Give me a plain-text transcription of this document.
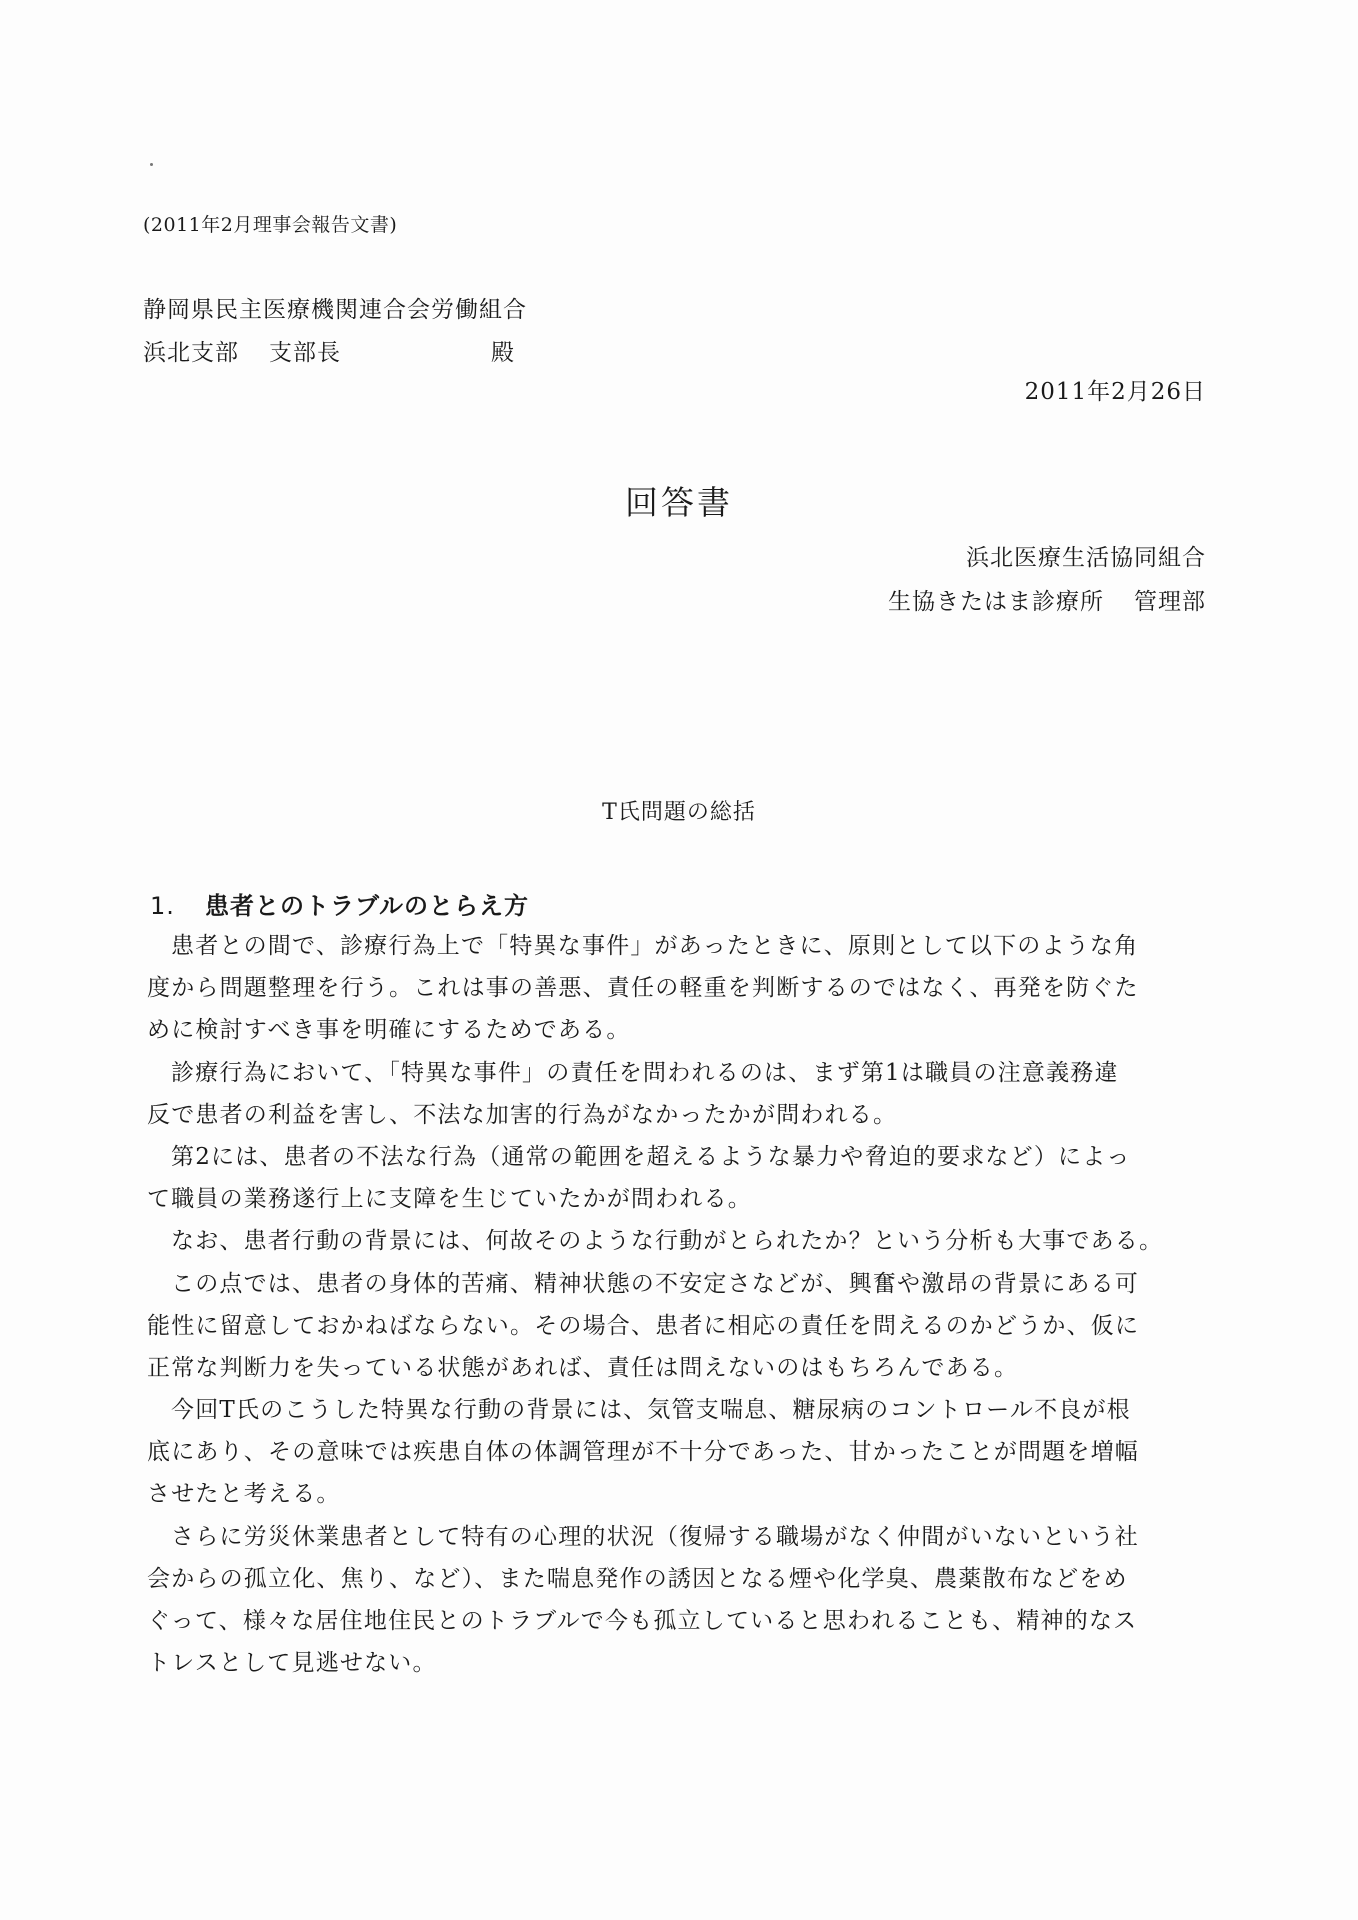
(2011年2月理事会報告文書)
静岡県民主医療機関連合会労働組合
浜北支部 支部長	殿
2011年2月26日
回答書
浜北医療生活協同組合
生協きたはま診療所 管理部
T氏問題の総括
1. 患者とのトラブルのとらえ方
患者との間で、診療行為上で「特異な事件」があったときに、原則として以下のような角
度から問題整理を行う。これは事の善悪、責任の軽重を判断するのではなく、再発を防ぐた
めに検討すべき事を明確にするためである。
診療行為において、「特異な事件」の責任を問われるのは、まず第1は職員の注意義務違
反で患者の利益を害し、不法な加害的行為がなかったかが問われる。
第2には、患者の不法な行為（通常の範囲を超えるような暴力や脅迫的要求など）によっ
て職員の業務遂行上に支障を生じていたかが問われる。
なお、患者行動の背景には、何故そのような行動がとられたか？という分析も大事である。
この点では、患者の身体的苦痛、精神状態の不安定さなどが、興奮や激昂の背景にある可
能性に留意しておかねばならない。その場合、患者に相応の責任を問えるのかどうか、仮に
正常な判断力を失っている状態があれば、責任は問えないのはもちろんである。
今回T氏のこうした特異な行動の背景には、気管支喘息、糖尿病のコントロール不良が根
底にあり、その意味では疾患自体の体調管理が不十分であった、甘かったことが問題を増幅
させたと考える。
さらに労災休業患者として特有の心理的状況（復帰する職場がなく仲間がいないという社
会からの孤立化、焦り、など）、また喘息発作の誘因となる煙や化学臭、農薬散布などをめ
ぐって、様々な居住地住民とのトラブルで今も孤立していると思われることも、精神的なス
トレスとして見逃せない。
